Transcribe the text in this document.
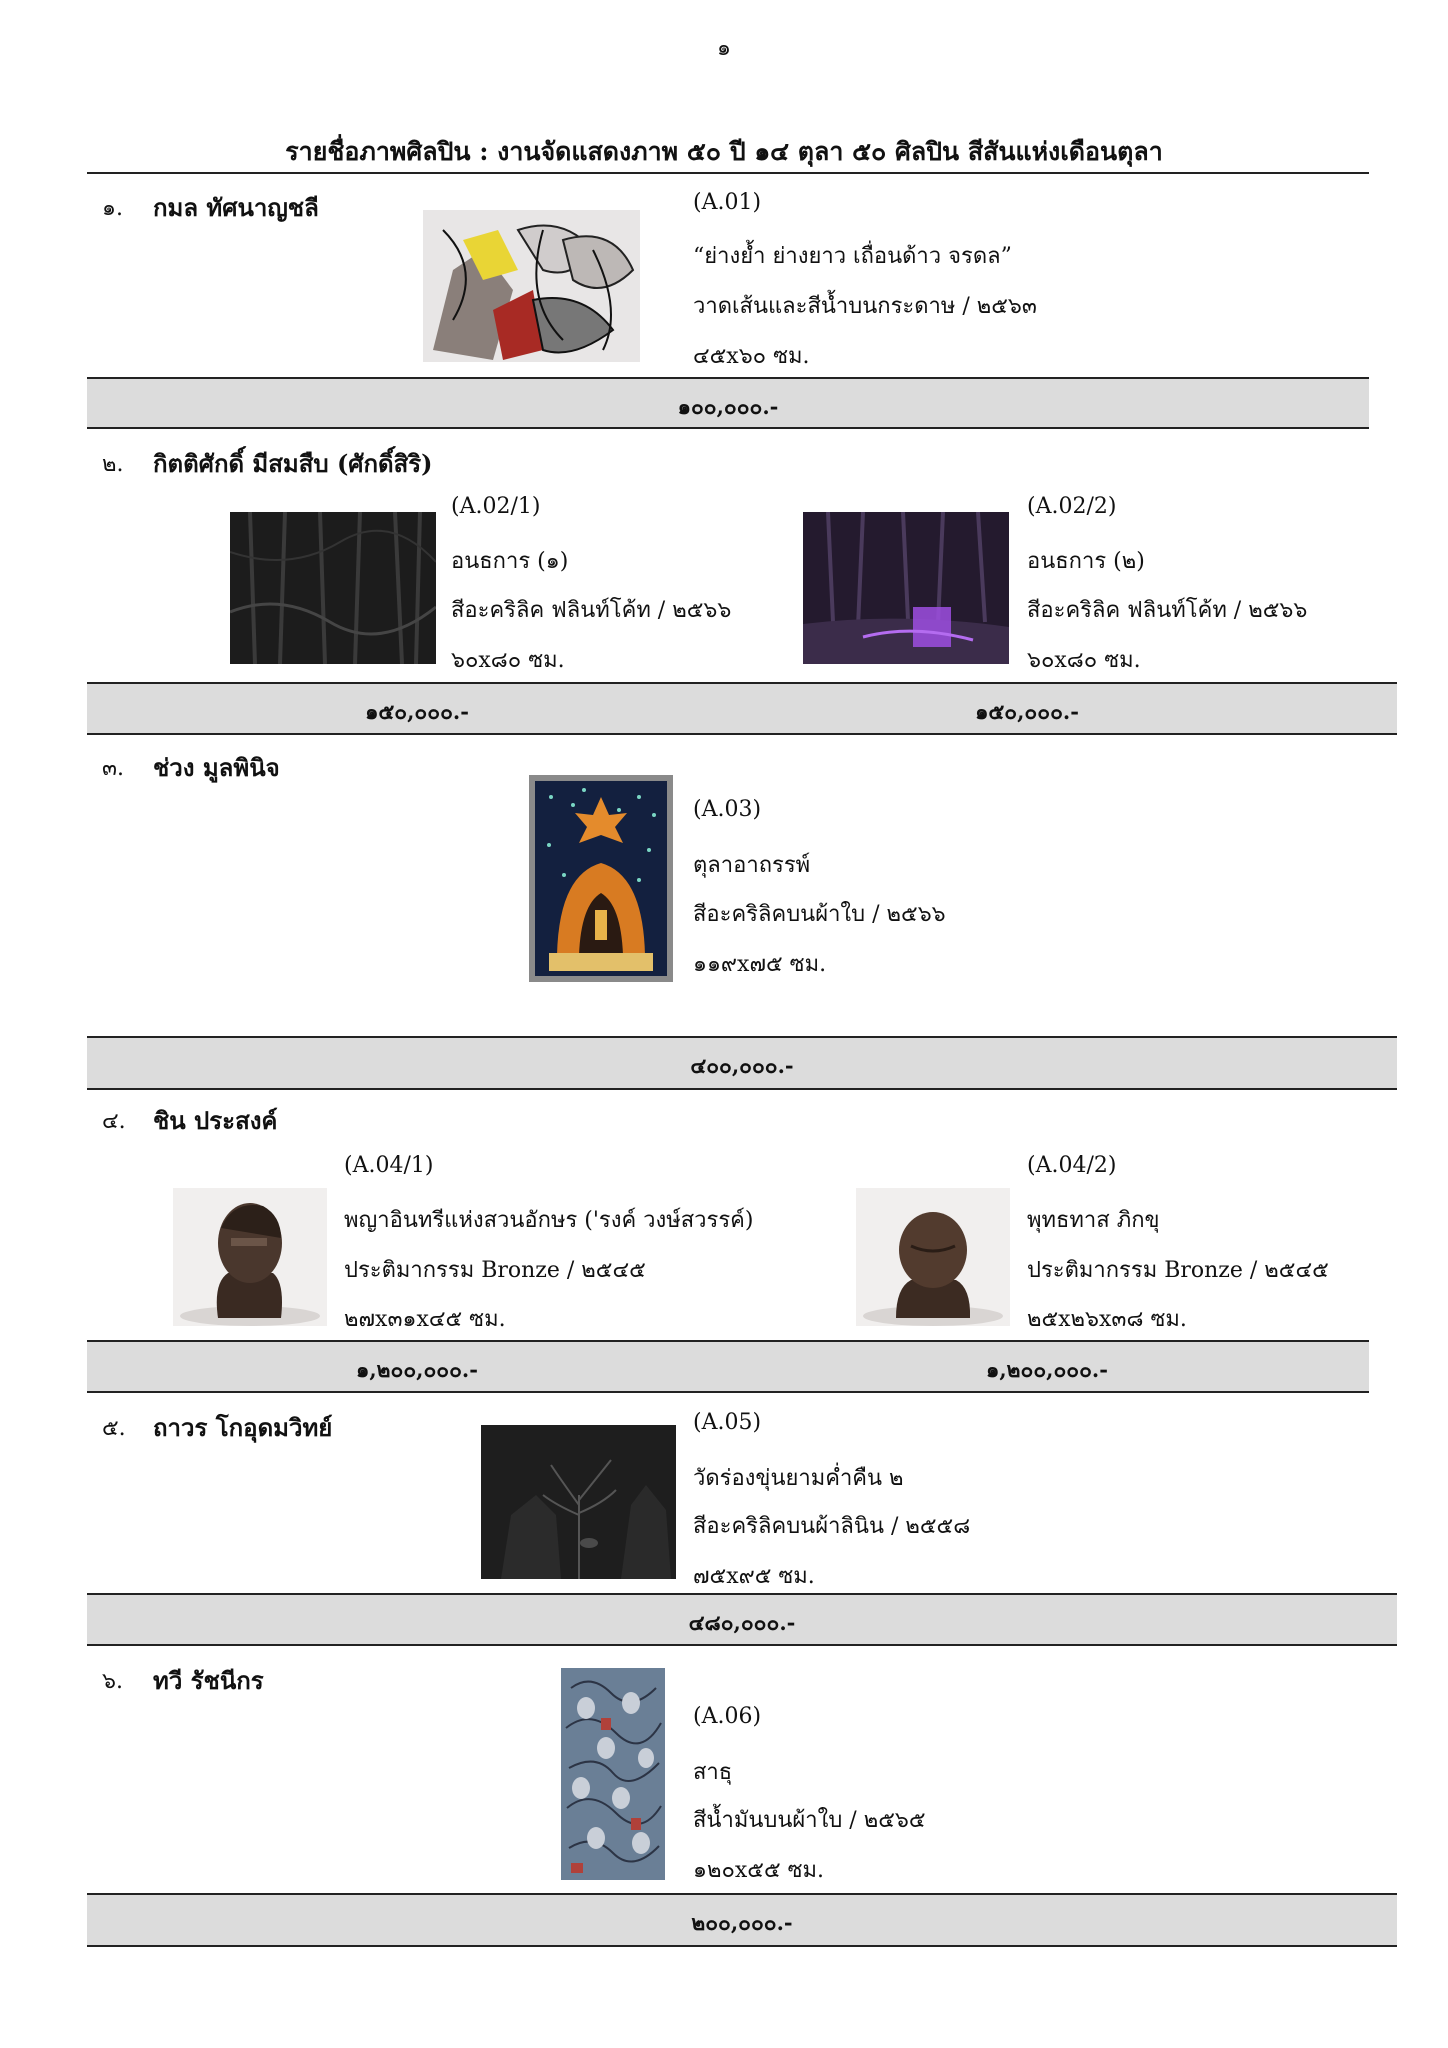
๑
รายชื่อภาพศิลปิน : งานจัดแสดงภาพ ๕๐ ปี ๑๔ ตุลา ๕๐ ศิลปิน สีสันแห่งเดือนตุลา
๑. กมล ทัศนาญชลี	(A.01)
“ย่างย้ำ ย่างยาว เถื่อนด้าว จรดล”
วาดเส้นและสีน้ำบนกระดาษ / ๒๕๖๓
๔๕x๖๐ ซม.
๑๐๐,๐๐๐.-
๒. กิตติศักดิ์ มีสมสืบ (ศักดิ์สิริ)
(A.02/1)
อนธการ (๑)
สีอะคริลิค ฟลินท์โค้ท / ๒๕๖๖
๖๐x๘๐ ซม.
(A.02/2)
อนธการ (๒)
สีอะคริลิค ฟลินท์โค้ท / ๒๕๖๖
๖๐x๘๐ ซม.
๑๕๐,๐๐๐.-	๑๕๐,๐๐๐.-
๓. ช่วง มูลพินิจ
(A.03)
ตุลาอาถรรพ์
สีอะคริลิคบนผ้าใบ / ๒๕๖๖
๑๑๙x๗๕ ซม.
๔๐๐,๐๐๐.-
๔. ชิน ประสงค์
(A.04/1)
พญาอินทรีแห่งสวนอักษร ('รงค์ วงษ์สวรรค์)
ประติมากรรม Bronze / ๒๕๔๕
๒๗x๓๑x๔๕ ซม.
(A.04/2)
พุทธทาส ภิกขุ
ประติมากรรม Bronze / ๒๕๔๕
๒๕x๒๖x๓๘ ซม.
๑,๒๐๐,๐๐๐.-	๑,๒๐๐,๐๐๐.-
๕. ถาวร โกอุดมวิทย์	(A.05)
วัดร่องขุ่นยามค่ำคืน ๒
สีอะคริลิคบนผ้าลินิน / ๒๕๕๘
๗๕x๙๕ ซม.
๔๘๐,๐๐๐.-
๖. ทวี รัชนีกร
(A.06)
สาธุ
สีน้ำมันบนผ้าใบ / ๒๕๖๕
๑๒๐x๕๕ ซม.
๒๐๐,๐๐๐.-
